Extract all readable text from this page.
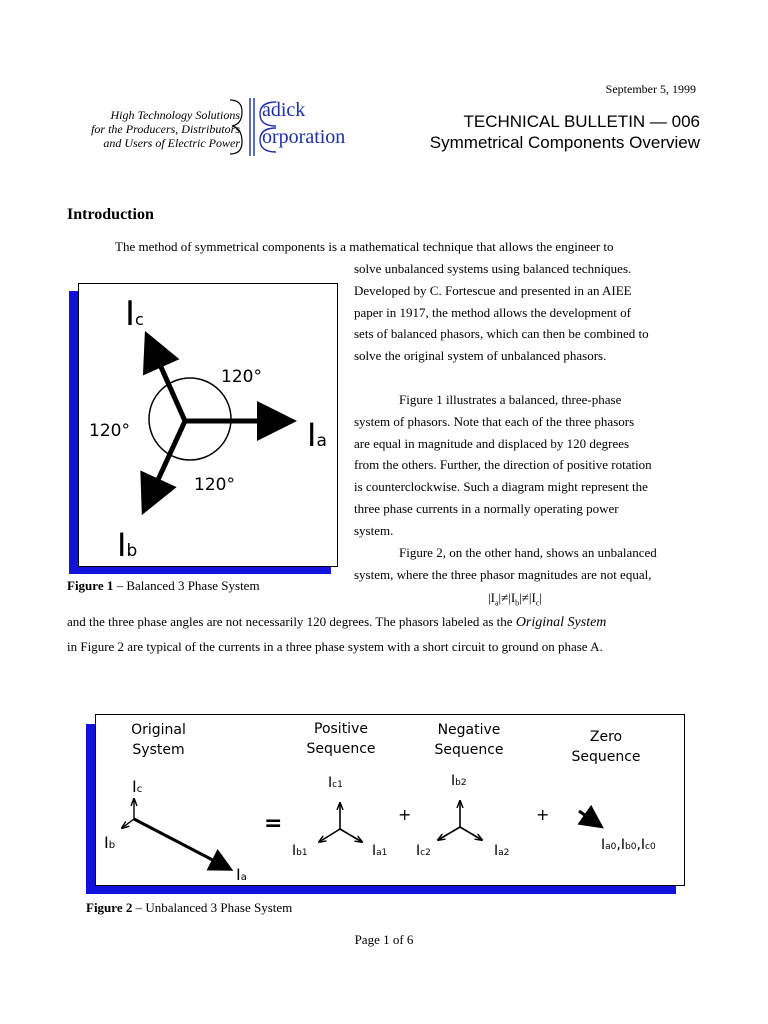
September 5, 1999
TECHNICAL BULLETIN — 006
Symmetrical Components Overview
High Technology Solutions
for the Producers, Distributors
and Users of Electric Power
adick
orporation
Introduction
The method of symmetrical components is a mathematical technique that allows the engineer to
solve unbalanced systems using balanced techniques.
Developed by C. Fortescue and presented in an AIEE
paper in 1917, the method allows the development of
sets of balanced phasors, which can then be combined to
solve the original system of unbalanced phasors.
Figure 1 illustrates a balanced, three-phase
system of phasors. Note that each of the three phasors
are equal in magnitude and displaced by 120 degrees
from the others. Further, the direction of positive rotation
is counterclockwise. Such a diagram might represent the
three phase currents in a normally operating power
system.
Figure 2, on the other hand, shows an unbalanced
system, where the three phasor magnitudes are not equal,
$|I_a|\ne|I_b|\ne|I_c|$
and the three phase angles are not necessarily 120 degrees. The phasors labeled as the Original System
in Figure 2 are typical of the currents in a three phase system with a short circuit to ground on phase A.
Ic
Ia
Ib
120°
120°
120°
Figure 1 – Balanced 3 Phase System
Original
System
Positive
Sequence
Negative
Sequence
Zero
Sequence
Ic
Ib
Ia
=
Ic1
Ib1	Ia1
+
Ib2
Ic2	Ia2
+
Ia0,Ib0,Ic0
Figure 2 – Unbalanced 3 Phase System
Page 1 of 6
